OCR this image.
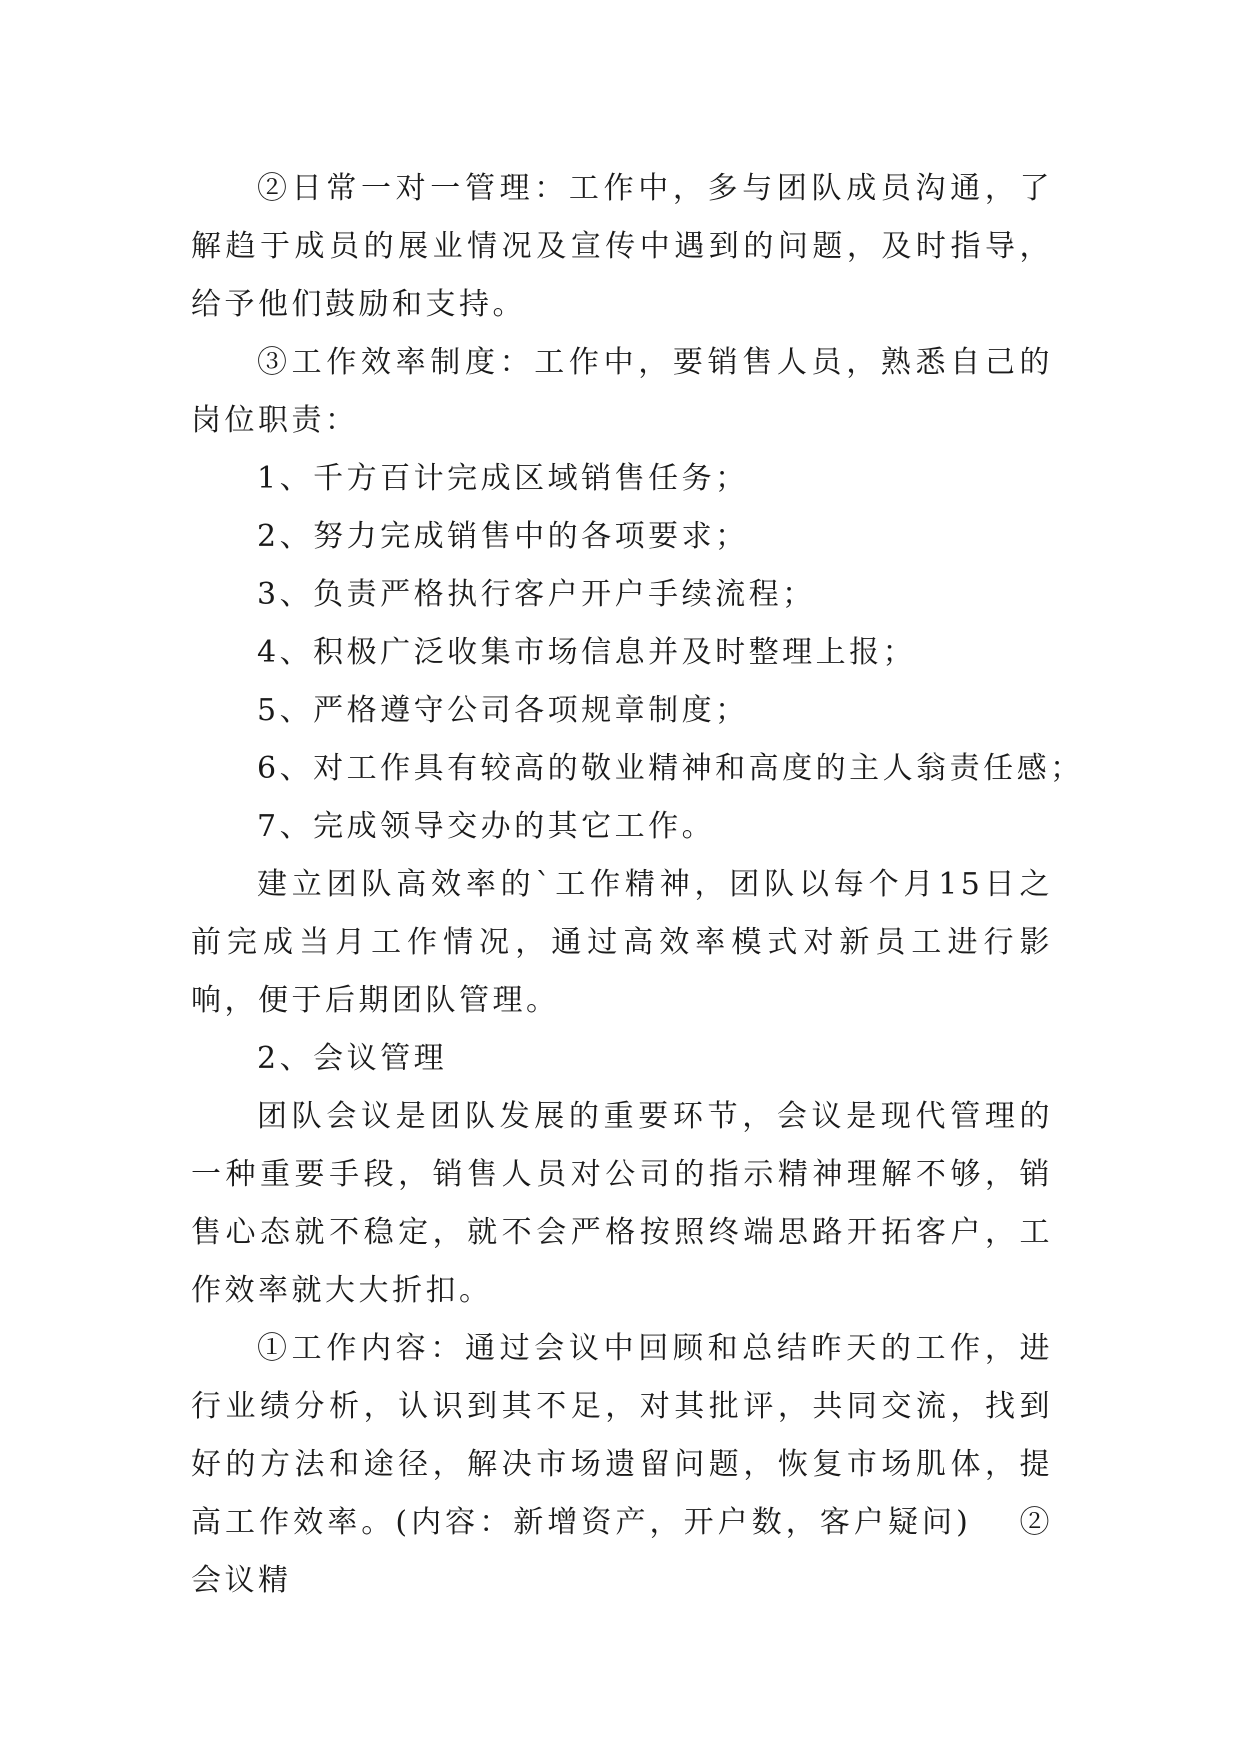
②日常一对一管理：工作中，多与团队成员沟通，了解趋于成员的展业情况及宣传中遇到的问题，及时指导，给予他们鼓励和支持。

③工作效率制度：工作中，要销售人员，熟悉自己的岗位职责：

1、千方百计完成区域销售任务；

2、努力完成销售中的各项要求；

3、负责严格执行客户开户手续流程；

4、积极广泛收集市场信息并及时整理上报；

5、严格遵守公司各项规章制度；

6、对工作具有较高的敬业精神和高度的主人翁责任感；

7、完成领导交办的其它工作。

建立团队高效率的`工作精神，团队以每个月15日之前完成当月工作情况，通过高效率模式对新员工进行影响，便于后期团队管理。

2、会议管理

团队会议是团队发展的重要环节，会议是现代管理的一种重要手段，销售人员对公司的指示精神理解不够，销售心态就不稳定，就不会严格按照终端思路开拓客户，工作效率就大大折扣。

①工作内容：通过会议中回顾和总结昨天的工作，进行业绩分析，认识到其不足，对其批评，共同交流，找到好的方法和途径，解决市场遗留问题，恢复市场肌体，提高工作效率。(内容：新增资产，开户数，客户疑问)　 ②会议精
